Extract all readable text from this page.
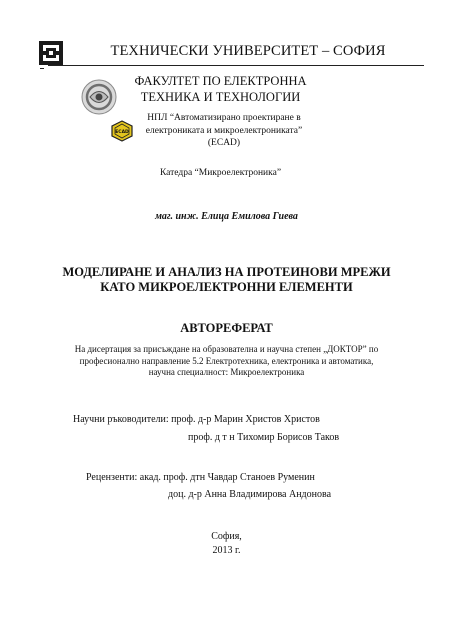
ТЕХНИЧЕСКИ УНИВЕРСИТЕТ – СОФИЯ
ФАКУЛТЕТ ПО ЕЛЕКТРОННА
ТЕХНИКА И ТЕХНОЛОГИИ
ECAD
НПЛ “Автоматизирано проектиране в
електрониката и микроелектрониката”
(ECAD)
Катедра “Микроелектроника”
маг. инж. Елица Емилова Гиева
МОДЕЛИРАНЕ И АНАЛИЗ НА ПРОТЕИНОВИ МРЕЖИ
КАТО МИКРОЕЛЕКТРОННИ ЕЛЕМЕНТИ
АВТОРЕФЕРАТ
На дисертация за присъждане на образователна и научна степен „ДОКТОР” по
професионално направление 5.2 Електротехника, електроника и автоматика,
научна специалност: Микроелектроника
Научни ръководители: проф. д-р Марин Христов Христов
проф. д т н Тихомир Борисов Таков
Рецензенти: акад. проф. дтн Чавдар Станоев Руменин
доц. д-р Анна Владимирова Андонова
София,
2013 г.
